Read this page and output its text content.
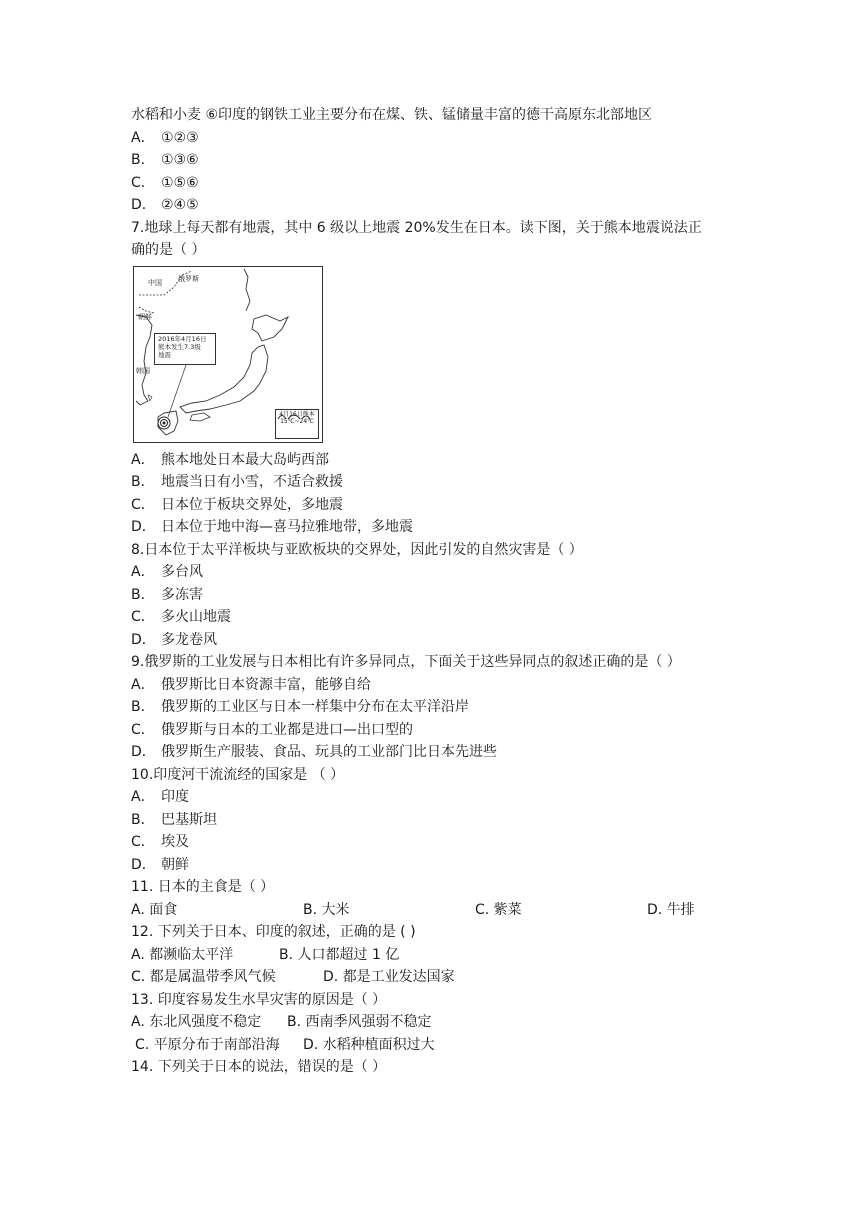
水稻和小麦 ⑥印度的钢铁工业主要分布在煤、铁、锰储量丰富的德干高原东北部地区
A． ①②③
B． ①③⑥
C． ①⑤⑥
D． ②④⑤
7.地球上每天都有地震，其中 6 级以上地震 20%发生在日本。读下图，关于熊本地震说法正
确的是（ ）
中国 俄罗斯
朝鲜
韩国
2016年4月16日
熊本发生7.3级
地震
4月16日熊本
15℃~24℃
A． 熊本地处日本最大岛屿西部
B． 地震当日有小雪，不适合救援
C． 日本位于板块交界处，多地震
D． 日本位于地中海—喜马拉雅地带，多地震
8.日本位于太平洋板块与亚欧板块的交界处，因此引发的自然灾害是（ ）
A． 多台风
B． 多冻害
C． 多火山地震
D． 多龙卷风
9.俄罗斯的工业发展与日本相比有许多异同点，下面关于这些异同点的叙述正确的是（ ）
A． 俄罗斯比日本资源丰富，能够自给
B． 俄罗斯的工业区与日本一样集中分布在太平洋沿岸
C． 俄罗斯与日本的工业都是进口—出口型的
D． 俄罗斯生产服装、食品、玩具的工业部门比日本先进些
10.印度河干流流经的国家是 （ ）
A． 印度
B． 巴基斯坦
C． 埃及
D． 朝鲜
11. 日本的主食是（ ）
A. 面食	B. 大米	C. 紫菜	D. 牛排
12. 下列关于日本、印度的叙述，正确的是 ( )
A. 都濒临太平洋	B. 人口都超过 1 亿
C. 都是属温带季风气候	D. 都是工业发达国家
13. 印度容易发生水旱灾害的原因是（ ）
A. 东北风强度不稳定	B. 西南季风强弱不稳定
C. 平原分布于南部沿海	D. 水稻种植面积过大
14. 下列关于日本的说法，错误的是（ ）
